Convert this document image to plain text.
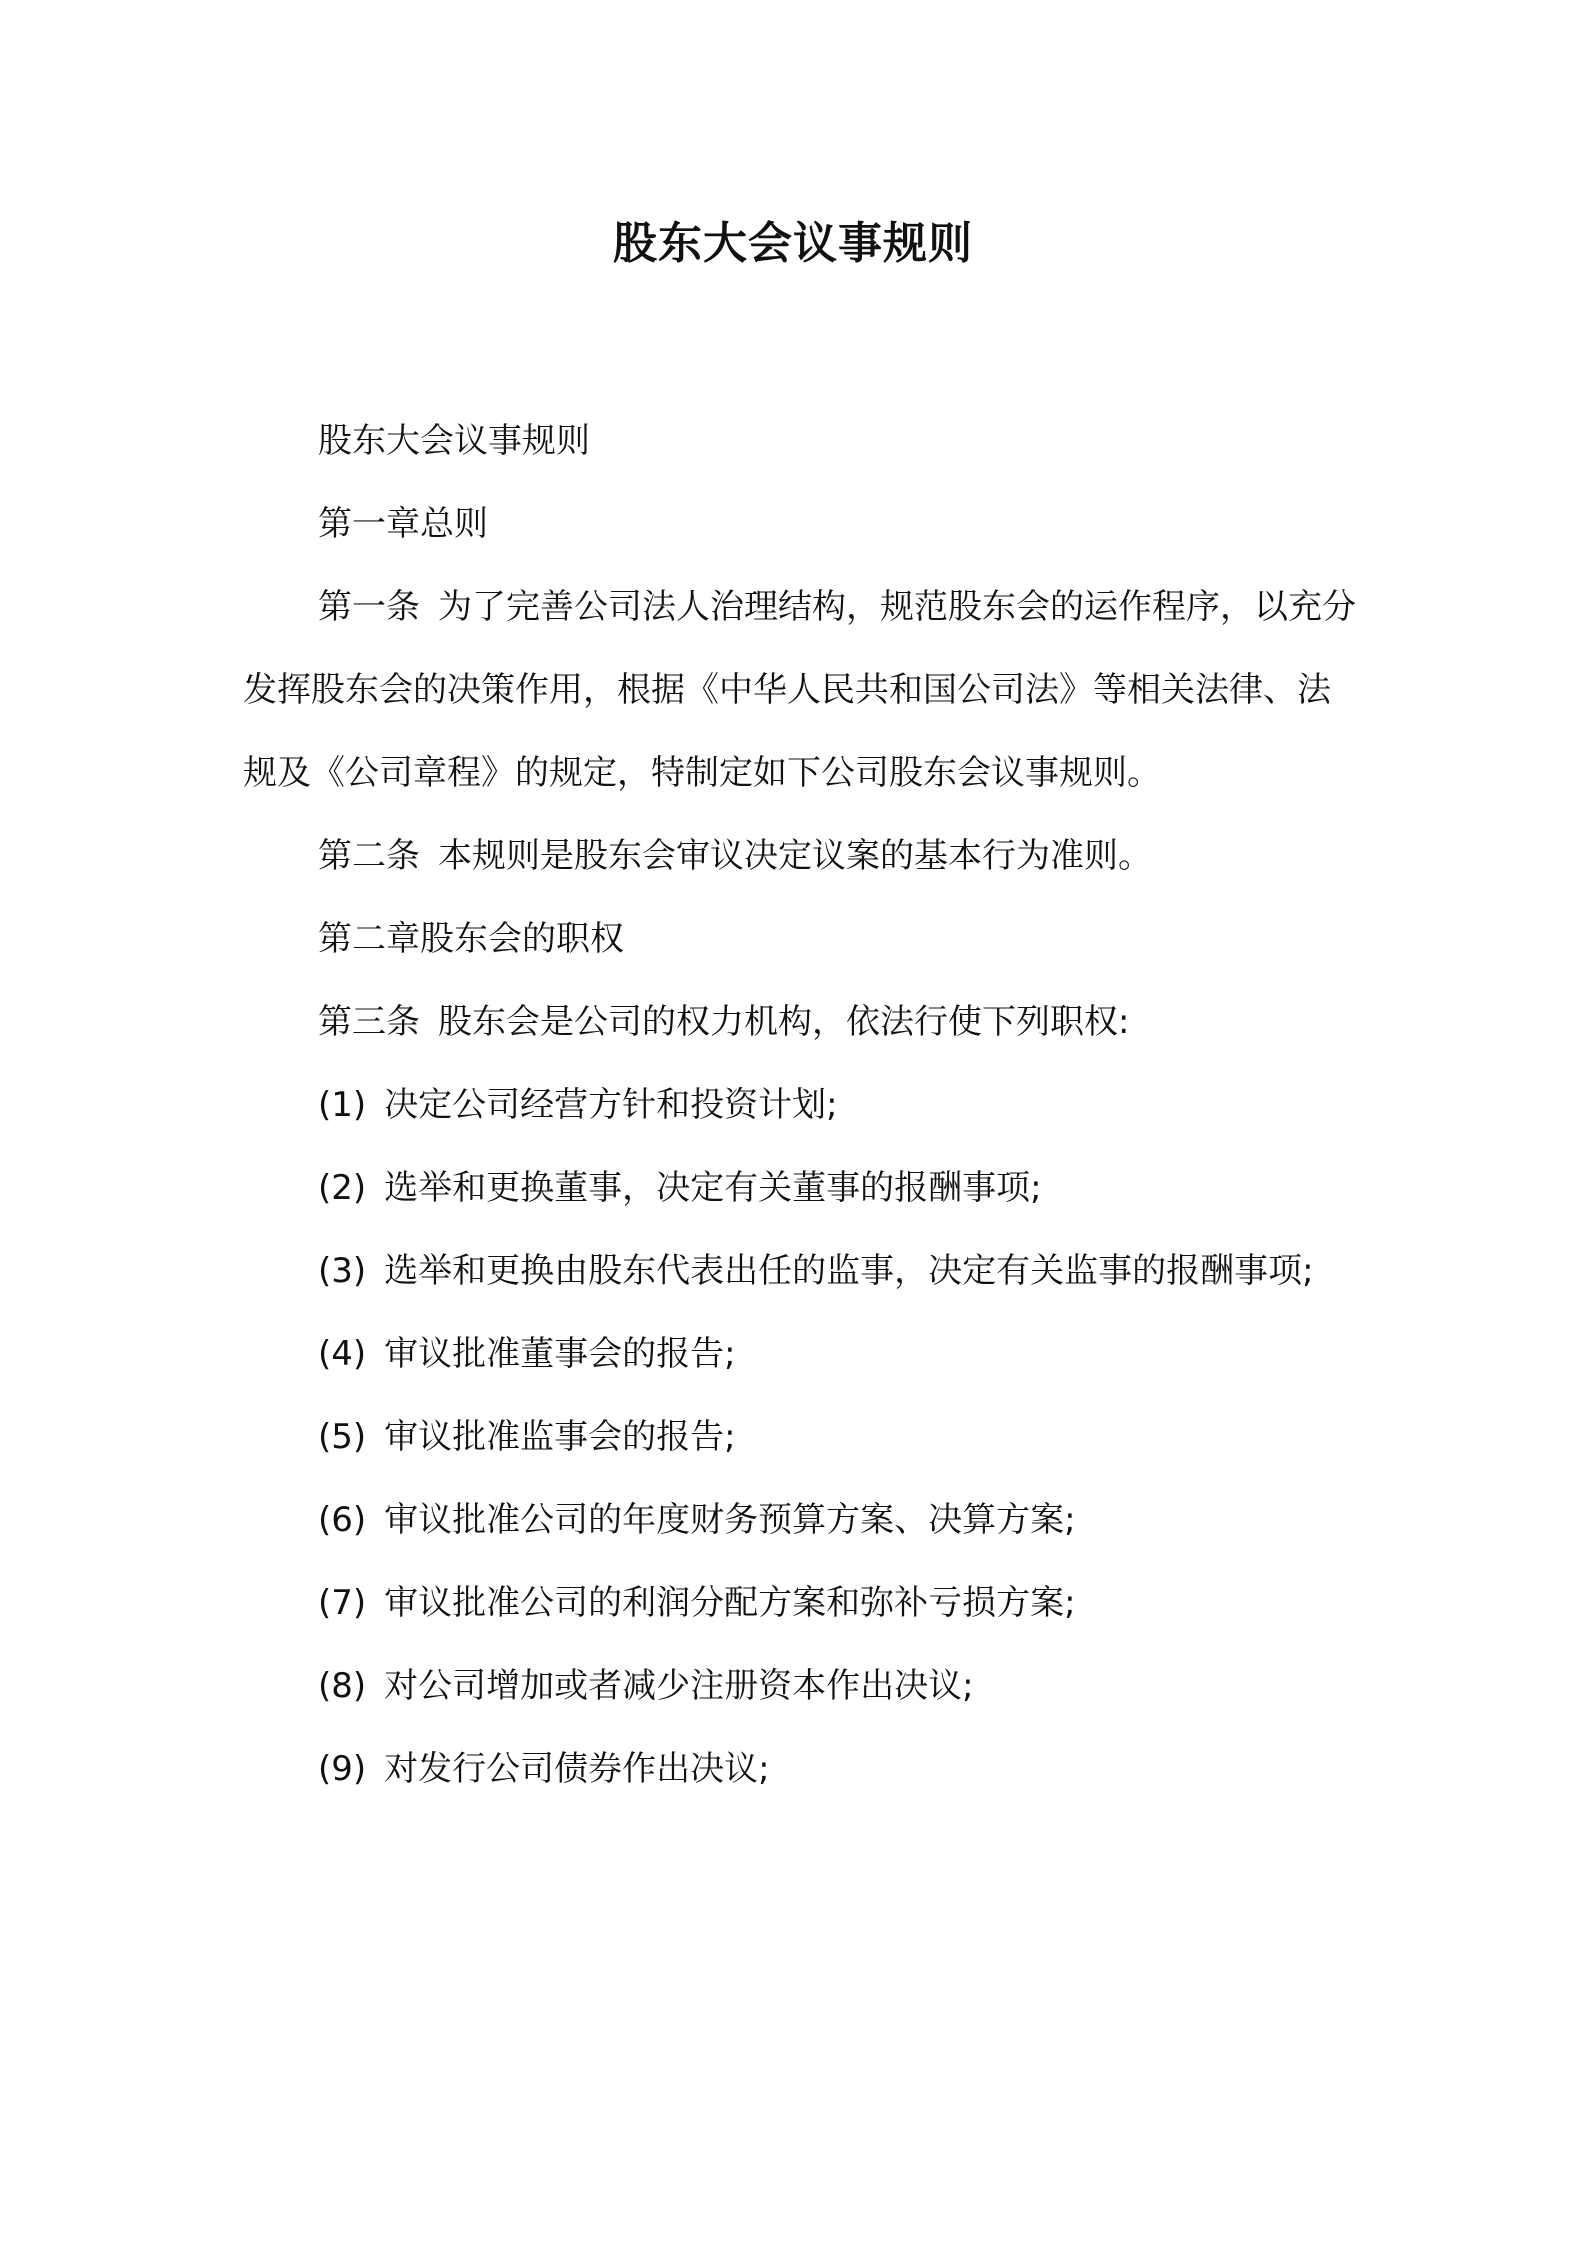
股东大会议事规则

股东大会议事规则

第一章总则

第一条 为了完善公司法人治理结构，规范股东会的运作程序，以充分发挥股东会的决策作用，根据《中华人民共和国公司法》等相关法律、法规及《公司章程》的规定，特制定如下公司股东会议事规则。

第二条 本规则是股东会审议决定议案的基本行为准则。

第二章股东会的职权

第三条 股东会是公司的权力机构，依法行使下列职权:

(1) 决定公司经营方针和投资计划;

(2) 选举和更换董事，决定有关董事的报酬事项;

(3) 选举和更换由股东代表出任的监事，决定有关监事的报酬事项;

(4) 审议批准董事会的报告;

(5) 审议批准监事会的报告;

(6) 审议批准公司的年度财务预算方案、决算方案;

(7) 审议批准公司的利润分配方案和弥补亏损方案;

(8) 对公司增加或者减少注册资本作出决议;

(9) 对发行公司债券作出决议;
